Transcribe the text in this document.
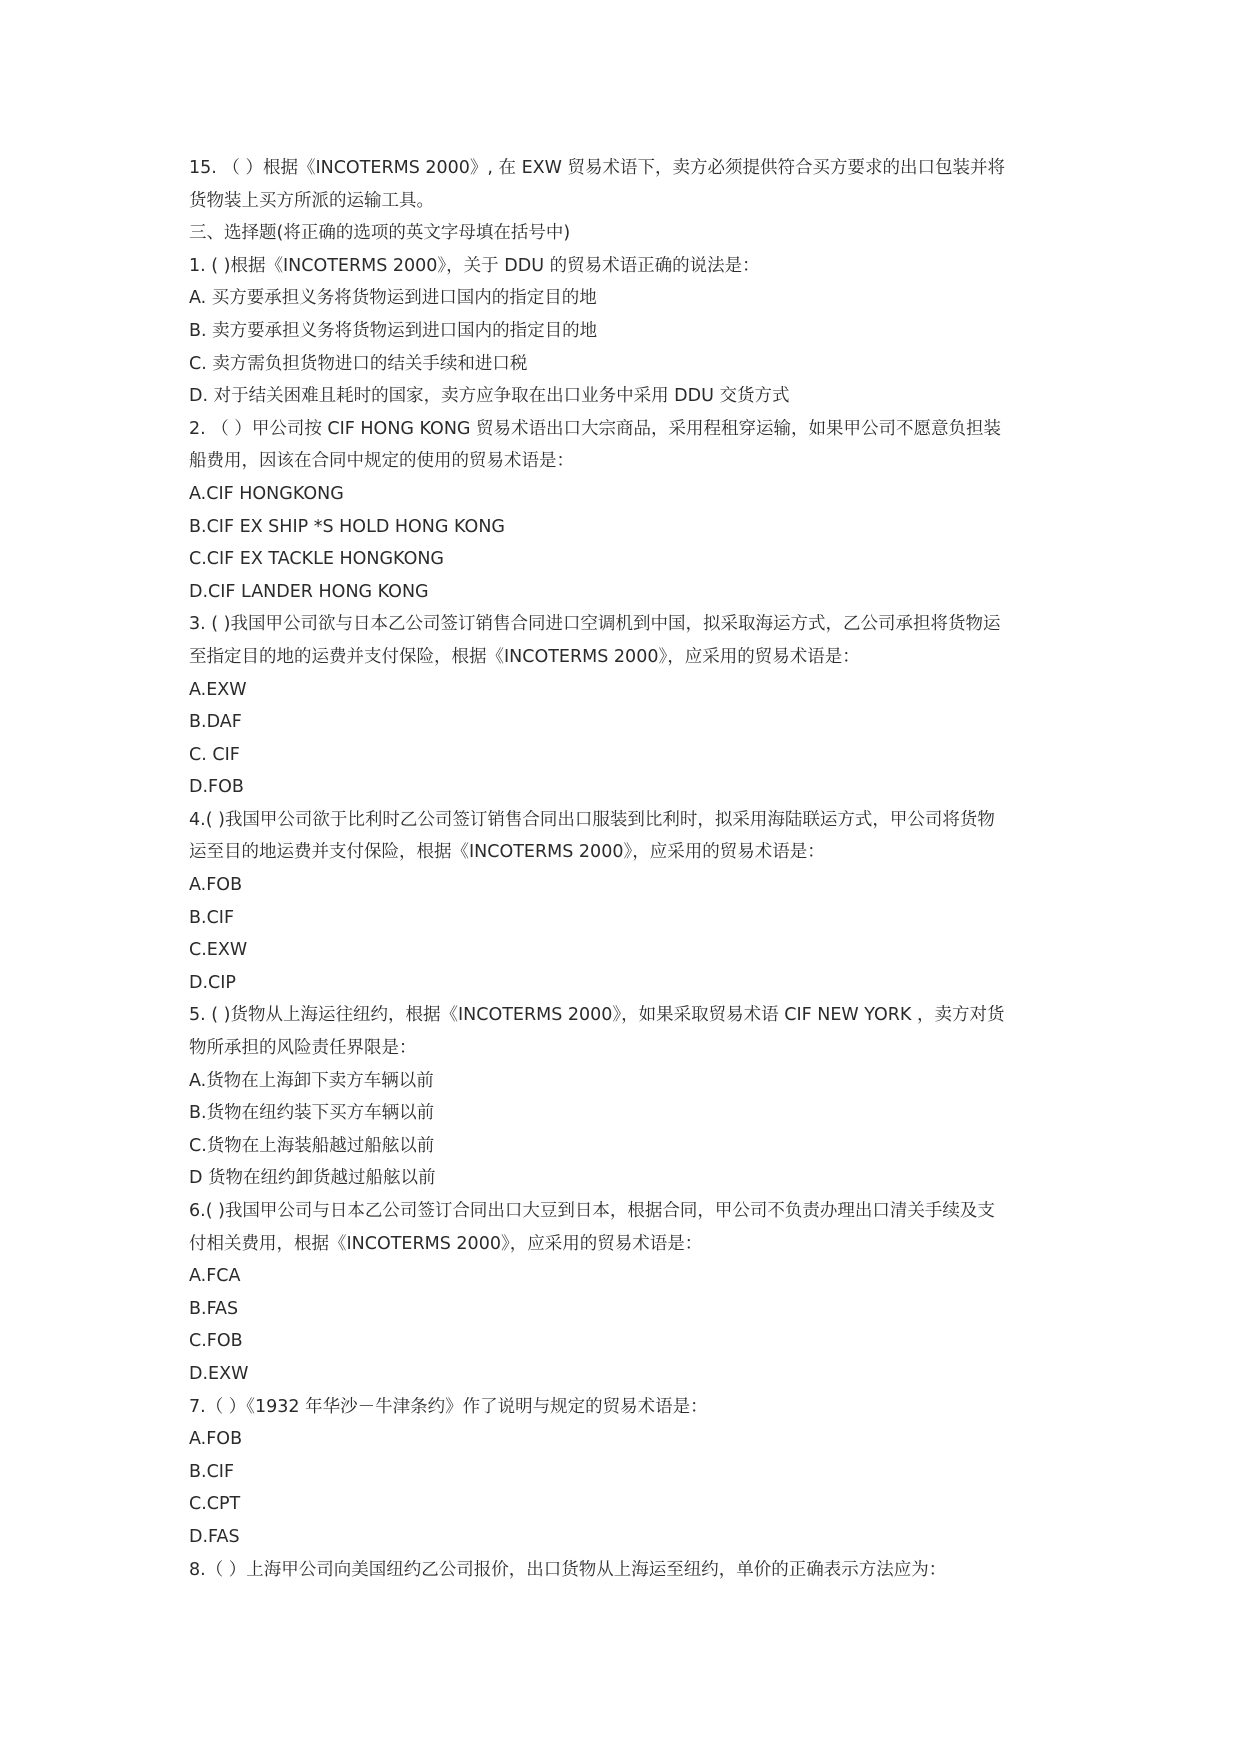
15. （ ）根据《INCOTERMS 2000》, 在 EXW 贸易术语下，卖方必须提供符合买方要求的出口包装并将
货物装上买方所派的运输工具。
三、选择题(将正确的选项的英文字母填在括号中)
1. ( )根据《INCOTERMS 2000》，关于 DDU 的贸易术语正确的说法是：
A. 买方要承担义务将货物运到进口国内的指定目的地
B. 卖方要承担义务将货物运到进口国内的指定目的地
C. 卖方需负担货物进口的结关手续和进口税
D. 对于结关困难且耗时的国家，卖方应争取在出口业务中采用 DDU 交货方式
2. （ ）甲公司按 CIF HONG KONG 贸易术语出口大宗商品，采用程租穿运输，如果甲公司不愿意负担装
船费用，因该在合同中规定的使用的贸易术语是：
A.CIF HONGKONG
B.CIF EX SHIP *S HOLD HONG KONG
C.CIF EX TACKLE HONGKONG
D.CIF LANDER HONG KONG
3. ( )我国甲公司欲与日本乙公司签订销售合同进口空调机到中国，拟采取海运方式，乙公司承担将货物运
至指定目的地的运费并支付保险，根据《INCOTERMS 2000》，应采用的贸易术语是：
A.EXW
B.DAF
C. CIF
D.FOB
4.( )我国甲公司欲于比利时乙公司签订销售合同出口服装到比利时，拟采用海陆联运方式，甲公司将货物
运至目的地运费并支付保险，根据《INCOTERMS 2000》，应采用的贸易术语是：
A.FOB
B.CIF
C.EXW
D.CIP
5. ( )货物从上海运往纽约，根据《INCOTERMS 2000》，如果采取贸易术语 CIF NEW YORK ，卖方对货
物所承担的风险责任界限是：
A.货物在上海卸下卖方车辆以前
B.货物在纽约装下买方车辆以前
C.货物在上海装船越过船舷以前
D 货物在纽约卸货越过船舷以前
6.( )我国甲公司与日本乙公司签订合同出口大豆到日本，根据合同，甲公司不负责办理出口清关手续及支
付相关费用，根据《INCOTERMS 2000》，应采用的贸易术语是：
A.FCA
B.FAS
C.FOB
D.EXW
7.（ ）《1932 年华沙－牛津条约》作了说明与规定的贸易术语是：
A.FOB
B.CIF
C.CPT
D.FAS
8.（ ）上海甲公司向美国纽约乙公司报价，出口货物从上海运至纽约，单价的正确表示方法应为：
